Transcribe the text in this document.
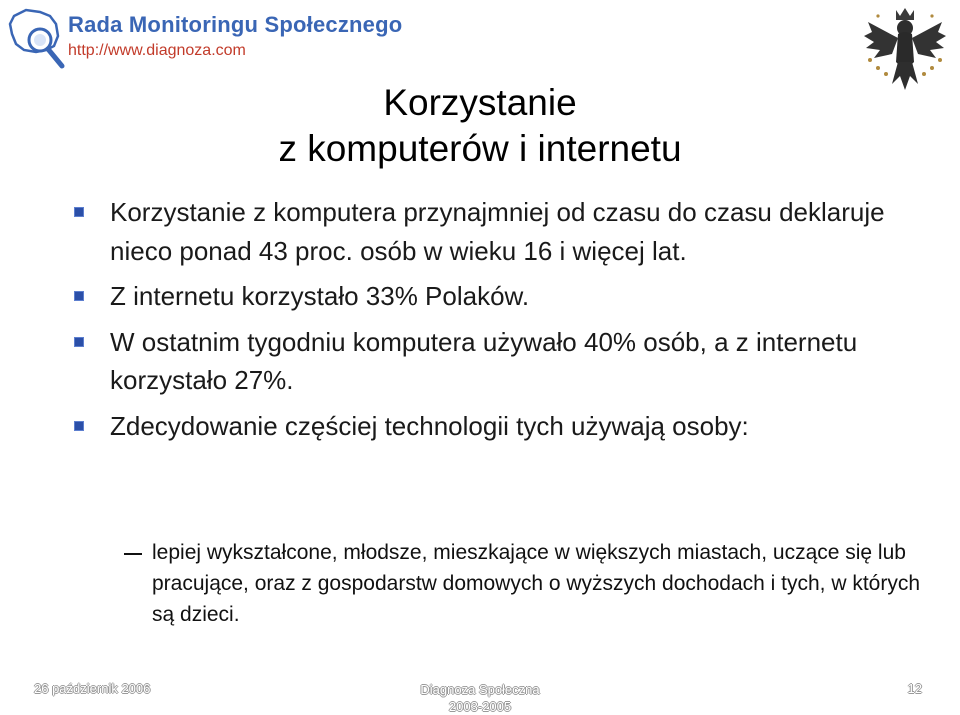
Rada Monitoringu Społecznego
http://www.diagnoza.com
Korzystanie
z komputerów i internetu
Korzystanie z komputera przynajmniej od czasu do czasu deklaruje nieco ponad 43 proc. osób w wieku 16 i więcej lat.
Z internetu korzystało 33% Polaków.
W ostatnim tygodniu komputera używało 40% osób, a z internetu korzystało 27%.
Zdecydowanie częściej technologii tych używają osoby:
lepiej wykształcone, młodsze, mieszkające w większych miastach, uczące się lub pracujące, oraz z gospodarstw domowych o wyższych dochodach i tych, w których są dzieci.
26 październik 2006	Diagnoza Społeczna
2003-2005
12
